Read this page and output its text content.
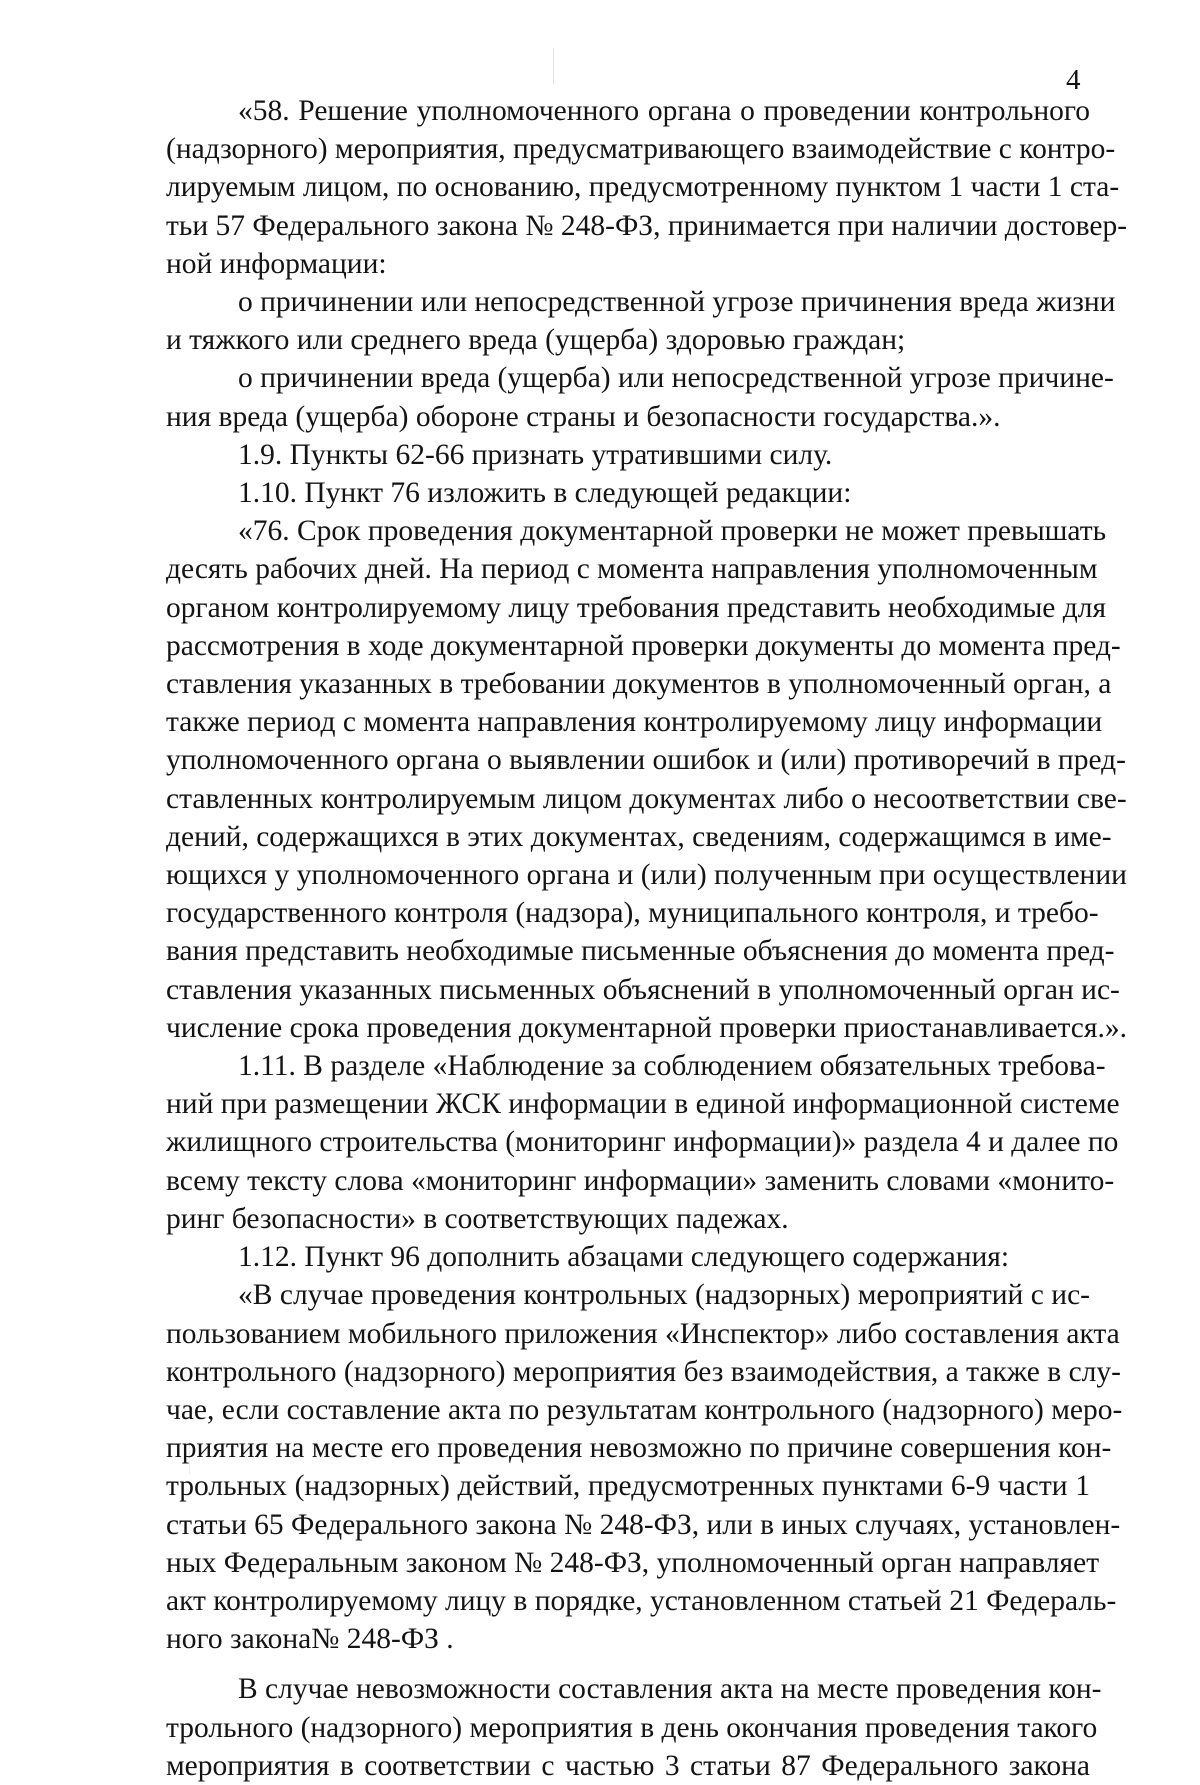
4
«58. Решение уполномоченного органа о проведении контрольного
(надзорного) мероприятия, предусматривающего взаимодействие с контро-
лируемым лицом, по основанию, предусмотренному пунктом 1 части 1 ста-
тьи 57 Федерального закона № 248-ФЗ, принимается при наличии достовер-
ной информации:
о причинении или непосредственной угрозе причинения вреда жизни
и тяжкого или среднего вреда (ущерба) здоровью граждан;
о причинении вреда (ущерба) или непосредственной угрозе причине-
ния вреда (ущерба) обороне страны и безопасности государства.».
1.9. Пункты 62-66 признать утратившими силу.
1.10. Пункт 76 изложить в следующей редакции:
«76. Срок проведения документарной проверки не может превышать
десять рабочих дней. На период с момента направления уполномоченным
органом контролируемому лицу требования представить необходимые для
рассмотрения в ходе документарной проверки документы до момента пред-
ставления указанных в требовании документов в уполномоченный орган, а
также период с момента направления контролируемому лицу информации
уполномоченного органа о выявлении ошибок и (или) противоречий в пред-
ставленных контролируемым лицом документах либо о несоответствии све-
дений, содержащихся в этих документах, сведениям, содержащимся в име-
ющихся у уполномоченного органа и (или) полученным при осуществлении
государственного контроля (надзора), муниципального контроля, и требо-
вания представить необходимые письменные объяснения до момента пред-
ставления указанных письменных объяснений в уполномоченный орган ис-
числение срока проведения документарной проверки приостанавливается.».
1.11. В разделе «Наблюдение за соблюдением обязательных требова-
ний при размещении ЖСК информации в единой информационной системе
жилищного строительства (мониторинг информации)» раздела 4 и далее по
всему тексту слова «мониторинг информации» заменить словами «монито-
ринг безопасности» в соответствующих падежах.
1.12. Пункт 96 дополнить абзацами следующего содержания:
«В случае проведения контрольных (надзорных) мероприятий с ис-
пользованием мобильного приложения «Инспектор» либо составления акта
контрольного (надзорного) мероприятия без взаимодействия, а также в слу-
чае, если составление акта по результатам контрольного (надзорного) меро-
приятия на месте его проведения невозможно по причине совершения кон-
трольных (надзорных) действий, предусмотренных пунктами 6-9 части 1
статьи 65 Федерального закона № 248-ФЗ, или в иных случаях, установлен-
ных Федеральным законом № 248-ФЗ, уполномоченный орган направляет
акт контролируемому лицу в порядке, установленном статьей 21 Федераль-
ного закона№ 248-ФЗ .
В случае невозможности составления акта на месте проведения кон-
трольного (надзорного) мероприятия в день окончания проведения такого
мероприятия в соответствии с частью 3 статьи 87 Федерального закона
